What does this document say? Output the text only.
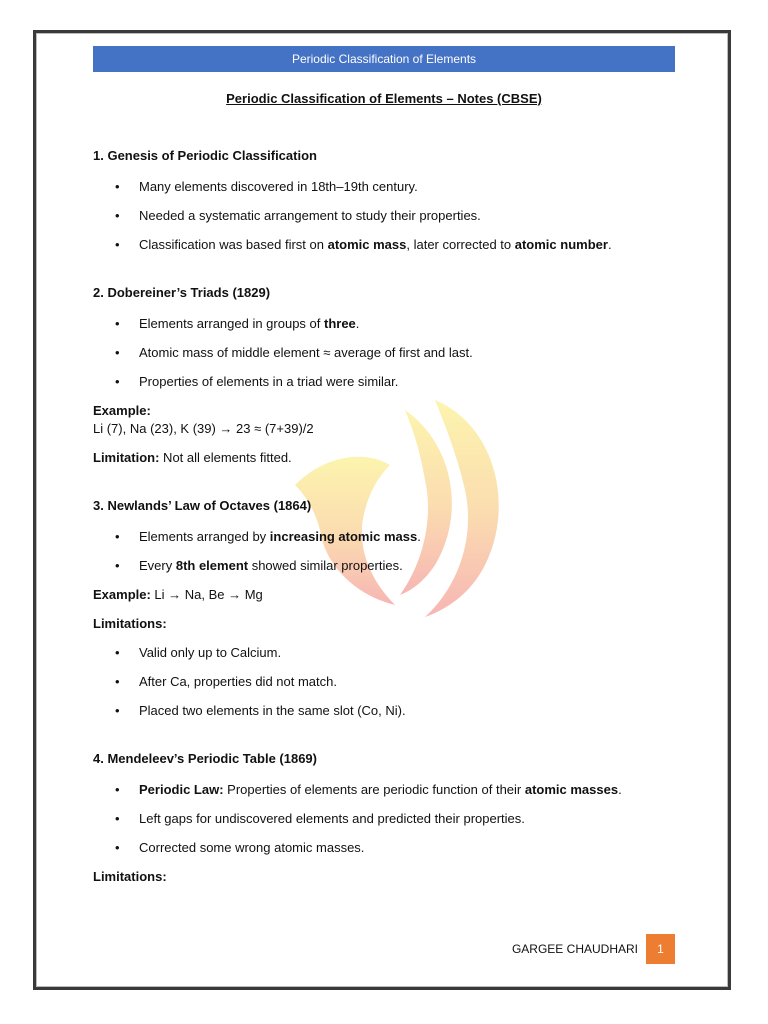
Periodic Classification of Elements
Periodic Classification of Elements – Notes (CBSE)
1. Genesis of Periodic Classification
• Many elements discovered in 18th–19th century.
• Needed a systematic arrangement to study their properties.
• Classification was based first on atomic mass, later corrected to atomic number.
2. Dobereiner’s Triads (1829)
• Elements arranged in groups of three.
• Atomic mass of middle element ≈ average of first and last.
• Properties of elements in a triad were similar.
Example:
Li (7), Na (23), K (39) → 23 ≈ (7+39)/2
Limitation: Not all elements fitted.
3. Newlands’ Law of Octaves (1864)
• Elements arranged by increasing atomic mass.
• Every 8th element showed similar properties.
Example: Li → Na, Be → Mg
Limitations:
• Valid only up to Calcium.
• After Ca, properties did not match.
• Placed two elements in the same slot (Co, Ni).
4. Mendeleev’s Periodic Table (1869)
• Periodic Law: Properties of elements are periodic function of their atomic masses.
• Left gaps for undiscovered elements and predicted their properties.
• Corrected some wrong atomic masses.
Limitations:
GARGEE CHAUDHARI	1
